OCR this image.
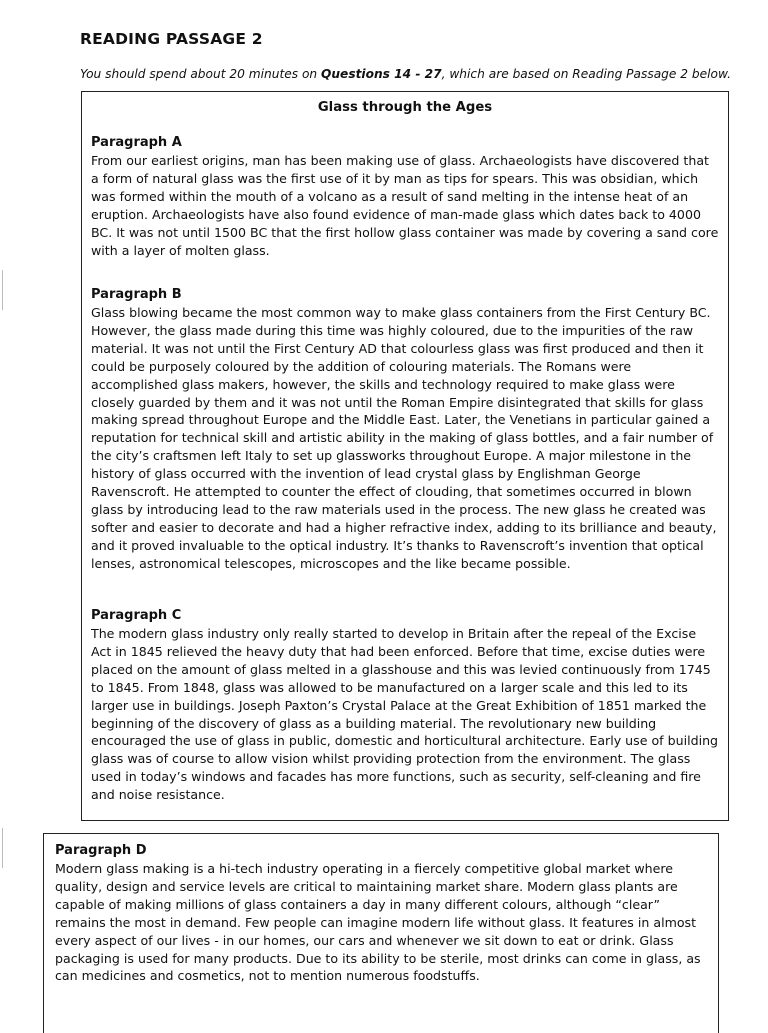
READING PASSAGE 2
You should spend about 20 minutes on Questions 14 - 27, which are based on Reading Passage 2 below.
Glass through the Ages
Paragraph A
From our earliest origins, man has been making use of glass. Archaeologists have discovered that a form of natural glass was the first use of it by man as tips for spears. This was obsidian, which was formed within the mouth of a volcano as a result of sand melting in the intense heat of an eruption. Archaeologists have also found evidence of man-made glass which dates back to 4000 BC. It was not until 1500 BC that the first hollow glass container was made by covering a sand core with a layer of molten glass.
Paragraph B
Glass blowing became the most common way to make glass containers from the First Century BC. However, the glass made during this time was highly coloured, due to the impurities of the raw material. It was not until the First Century AD that colourless glass was first produced and then it could be purposely coloured by the addition of colouring materials. The Romans were accomplished glass makers, however, the skills and technology required to make glass were closely guarded by them and it was not until the Roman Empire disintegrated that skills for glass making spread throughout Europe and the Middle East. Later, the Venetians in particular gained a reputation for technical skill and artistic ability in the making of glass bottles, and a fair number of the city’s craftsmen left Italy to set up glassworks throughout Europe. A major milestone in the history of glass occurred with the invention of lead crystal glass by Englishman George Ravenscroft. He attempted to counter the effect of clouding, that sometimes occurred in blown glass by introducing lead to the raw materials used in the process. The new glass he created was softer and easier to decorate and had a higher refractive index, adding to its brilliance and beauty, and it proved invaluable to the optical industry. It’s thanks to Ravenscroft’s invention that optical lenses, astronomical telescopes, microscopes and the like became possible.
Paragraph C
The modern glass industry only really started to develop in Britain after the repeal of the Excise Act in 1845 relieved the heavy duty that had been enforced. Before that time, excise duties were placed on the amount of glass melted in a glasshouse and this was levied continuously from 1745 to 1845. From 1848, glass was allowed to be manufactured on a larger scale and this led to its larger use in buildings. Joseph Paxton’s Crystal Palace at the Great Exhibition of 1851 marked the beginning of the discovery of glass as a building material. The revolutionary new building encouraged the use of glass in public, domestic and horticultural architecture. Early use of building glass was of course to allow vision whilst providing protection from the environment. The glass used in today’s windows and facades has more functions, such as security, self-cleaning and fire and noise resistance.
Paragraph D
Modern glass making is a hi-tech industry operating in a fiercely competitive global market where quality, design and service levels are critical to maintaining market share. Modern glass plants are capable of making millions of glass containers a day in many different colours, although “clear” remains the most in demand. Few people can imagine modern life without glass. It features in almost every aspect of our lives - in our homes, our cars and whenever we sit down to eat or drink. Glass packaging is used for many products. Due to its ability to be sterile, most drinks can come in glass, as can medicines and cosmetics, not to mention numerous foodstuffs.
